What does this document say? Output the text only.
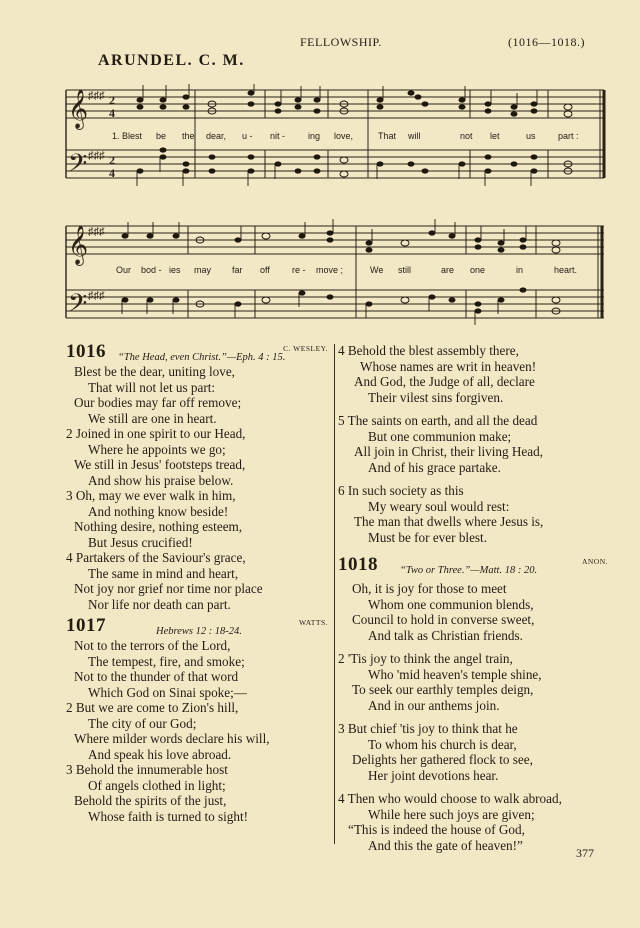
ARUNDEL. C. M.
FELLOWSHIP.	(1016—1018.)
𝄞
𝄢
♯♯♯
♯♯♯
2
4
2
4
1. Blest be the dear, u - nit -	ing love,	That will	not let	us part :
𝄞
𝄢
♯♯♯
♯♯♯
Our bod - ies may far off re - move ;	We still	are one	in	heart.
1016 “The Head, even Christ.”—Eph. 4 : 15.
C. WESLEY.
Blest be the dear, uniting love,
That will not let us part:
Our bodies may far off remove;
We still are one in heart.
2 Joined in one spirit to our Head,
Where he appoints we go;
We still in Jesus' footsteps tread,
And show his praise below.
3 Oh, may we ever walk in him,
And nothing know beside!
Nothing desire, nothing esteem,
But Jesus crucified!
4 Partakers of the Saviour's grace,
The same in mind and heart,
Not joy nor grief nor time nor place
Nor life nor death can part.
1017	Hebrews 12 : 18-24.
WATTS.
Not to the terrors of the Lord,
The tempest, fire, and smoke;
Not to the thunder of that word
Which God on Sinai spoke;—
2 But we are come to Zion's hill,
The city of our God;
Where milder words declare his will,
And speak his love abroad.
3 Behold the innumerable host
Of angels clothed in light;
Behold the spirits of the just,
Whose faith is turned to sight!
4 Behold the blest assembly there,
Whose names are writ in heaven!
And God, the Judge of all, declare
Their vilest sins forgiven.
5 The saints on earth, and all the dead
But one communion make;
All join in Christ, their living Head,
And of his grace partake.
6 In such society as this
My weary soul would rest:
The man that dwells where Jesus is,
Must be for ever blest.
1018 “Two or Three.”—Matt. 18 : 20.
ANON.
Oh, it is joy for those to meet
Whom one communion blends,
Council to hold in converse sweet,
And talk as Christian friends.
2 'Tis joy to think the angel train,
Who 'mid heaven's temple shine,
To seek our earthly temples deign,
And in our anthems join.
3 But chief 'tis joy to think that he
To whom his church is dear,
Delights her gathered flock to see,
Her joint devotions hear.
4 Then who would choose to walk abroad,
While here such joys are given;
“This is indeed the house of God,
And this the gate of heaven!”
377
